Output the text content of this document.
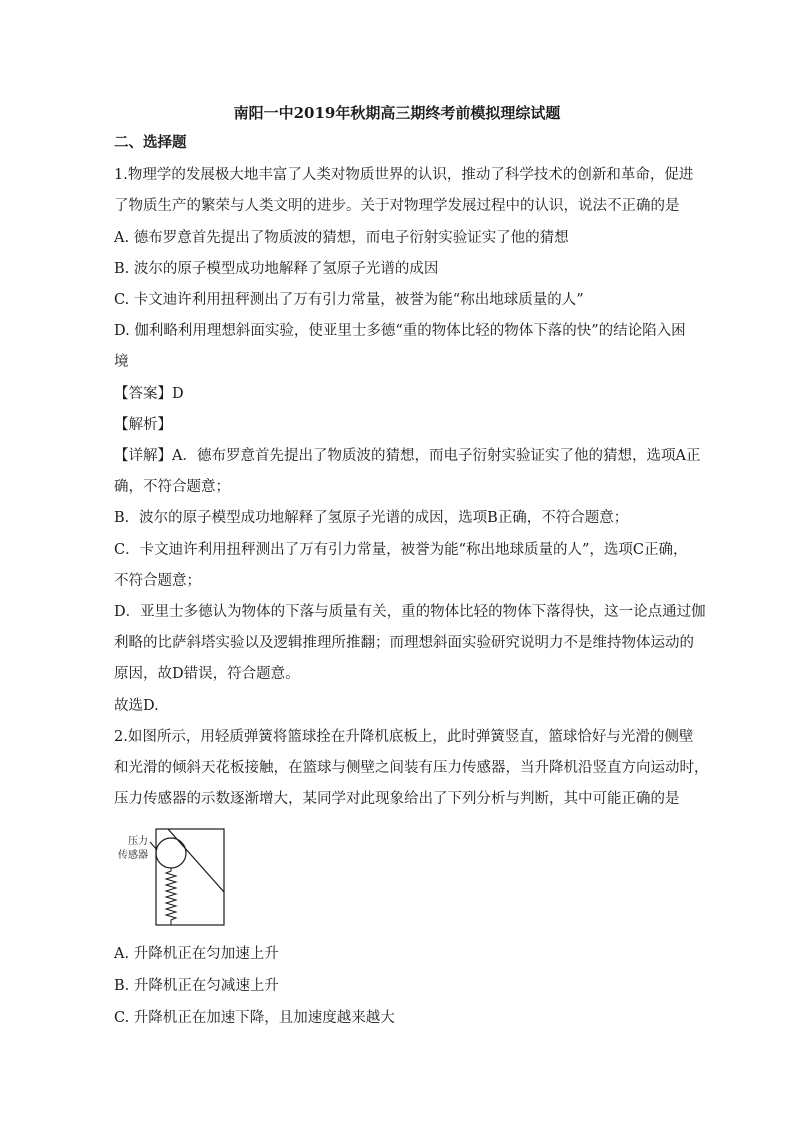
南阳一中2019年秋期高三期终考前模拟理综试题
二、选择题
1.物理学的发展极大地丰富了人类对物质世界的认识，推动了科学技术的创新和革命，促进
了物质生产的繁荣与人类文明的进步。关于对物理学发展过程中的认识，说法不正确的是
A. 德布罗意首先提出了物质波的猜想，而电子衍射实验证实了他的猜想
B. 波尔的原子模型成功地解释了氢原子光谱的成因
C. 卡文迪许利用扭秤测出了万有引力常量，被誉为能“称出地球质量的人”
D. 伽利略利用理想斜面实验，使亚里士多德“重的物体比轻的物体下落的快”的结论陷入困
境
【答案】D
【解析】
【详解】A．德布罗意首先提出了物质波的猜想，而电子衍射实验证实了他的猜想，选项A正
确，不符合题意；
B．波尔的原子模型成功地解释了氢原子光谱的成因，选项B正确，不符合题意；
C．卡文迪许利用扭秤测出了万有引力常量，被誉为能“称出地球质量的人”，选项C正确，
不符合题意；
D．亚里士多德认为物体的下落与质量有关，重的物体比轻的物体下落得快，这一论点通过伽
利略的比萨斜塔实验以及逻辑推理所推翻；而理想斜面实验研究说明力不是维持物体运动的
原因，故D错误，符合题意。
故选D.
2.如图所示，用轻质弹簧将篮球拴在升降机底板上，此时弹簧竖直，篮球恰好与光滑的侧壁
和光滑的倾斜天花板接触，在篮球与侧壁之间装有压力传感器，当升降机沿竖直方向运动时，
压力传感器的示数逐渐增大，某同学对此现象给出了下列分析与判断，其中可能正确的是
压力
传感器
A. 升降机正在匀加速上升
B. 升降机正在匀减速上升
C. 升降机正在加速下降，且加速度越来越大
